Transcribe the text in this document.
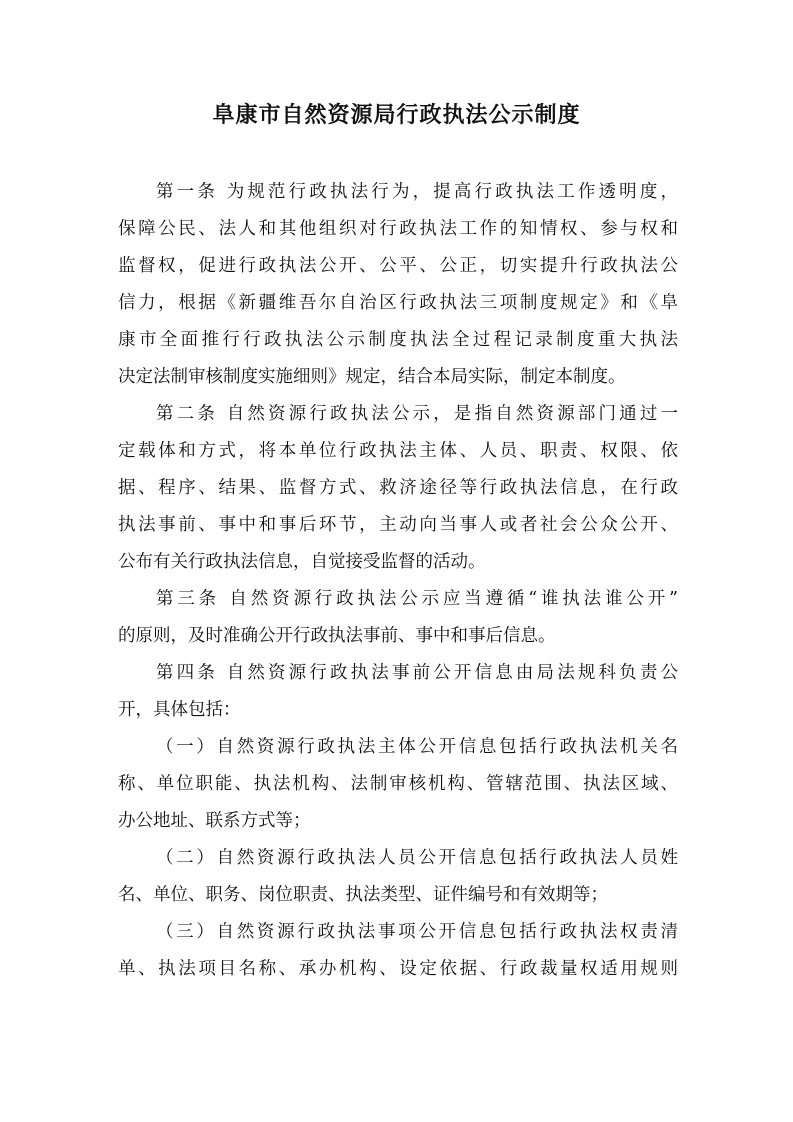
阜康市自然资源局行政执法公示制度
第一条 为规范行政执法行为，提高行政执法工作透明度，
保障公民、法人和其他组织对行政执法工作的知情权、参与权和
监督权，促进行政执法公开、公平、公正，切实提升行政执法公
信力，根据《新疆维吾尔自治区行政执法三项制度规定》和《阜
康市全面推行行政执法公示制度执法全过程记录制度重大执法
决定法制审核制度实施细则》规定，结合本局实际，制定本制度。
第二条 自然资源行政执法公示，是指自然资源部门通过一
定载体和方式，将本单位行政执法主体、人员、职责、权限、依
据、程序、结果、监督方式、救济途径等行政执法信息，在行政
执法事前、事中和事后环节，主动向当事人或者社会公众公开、
公布有关行政执法信息，自觉接受监督的活动。
第三条 自然资源行政执法公示应当遵循“谁执法谁公开”
的原则，及时准确公开行政执法事前、事中和事后信息。
第四条 自然资源行政执法事前公开信息由局法规科负责公
开，具体包括：
（一）自然资源行政执法主体公开信息包括行政执法机关名
称、单位职能、执法机构、法制审核机构、管辖范围、执法区域、
办公地址、联系方式等；
（二）自然资源行政执法人员公开信息包括行政执法人员姓
名、单位、职务、岗位职责、执法类型、证件编号和有效期等；
（三）自然资源行政执法事项公开信息包括行政执法权责清
单、执法项目名称、承办机构、设定依据、行政裁量权适用规则
